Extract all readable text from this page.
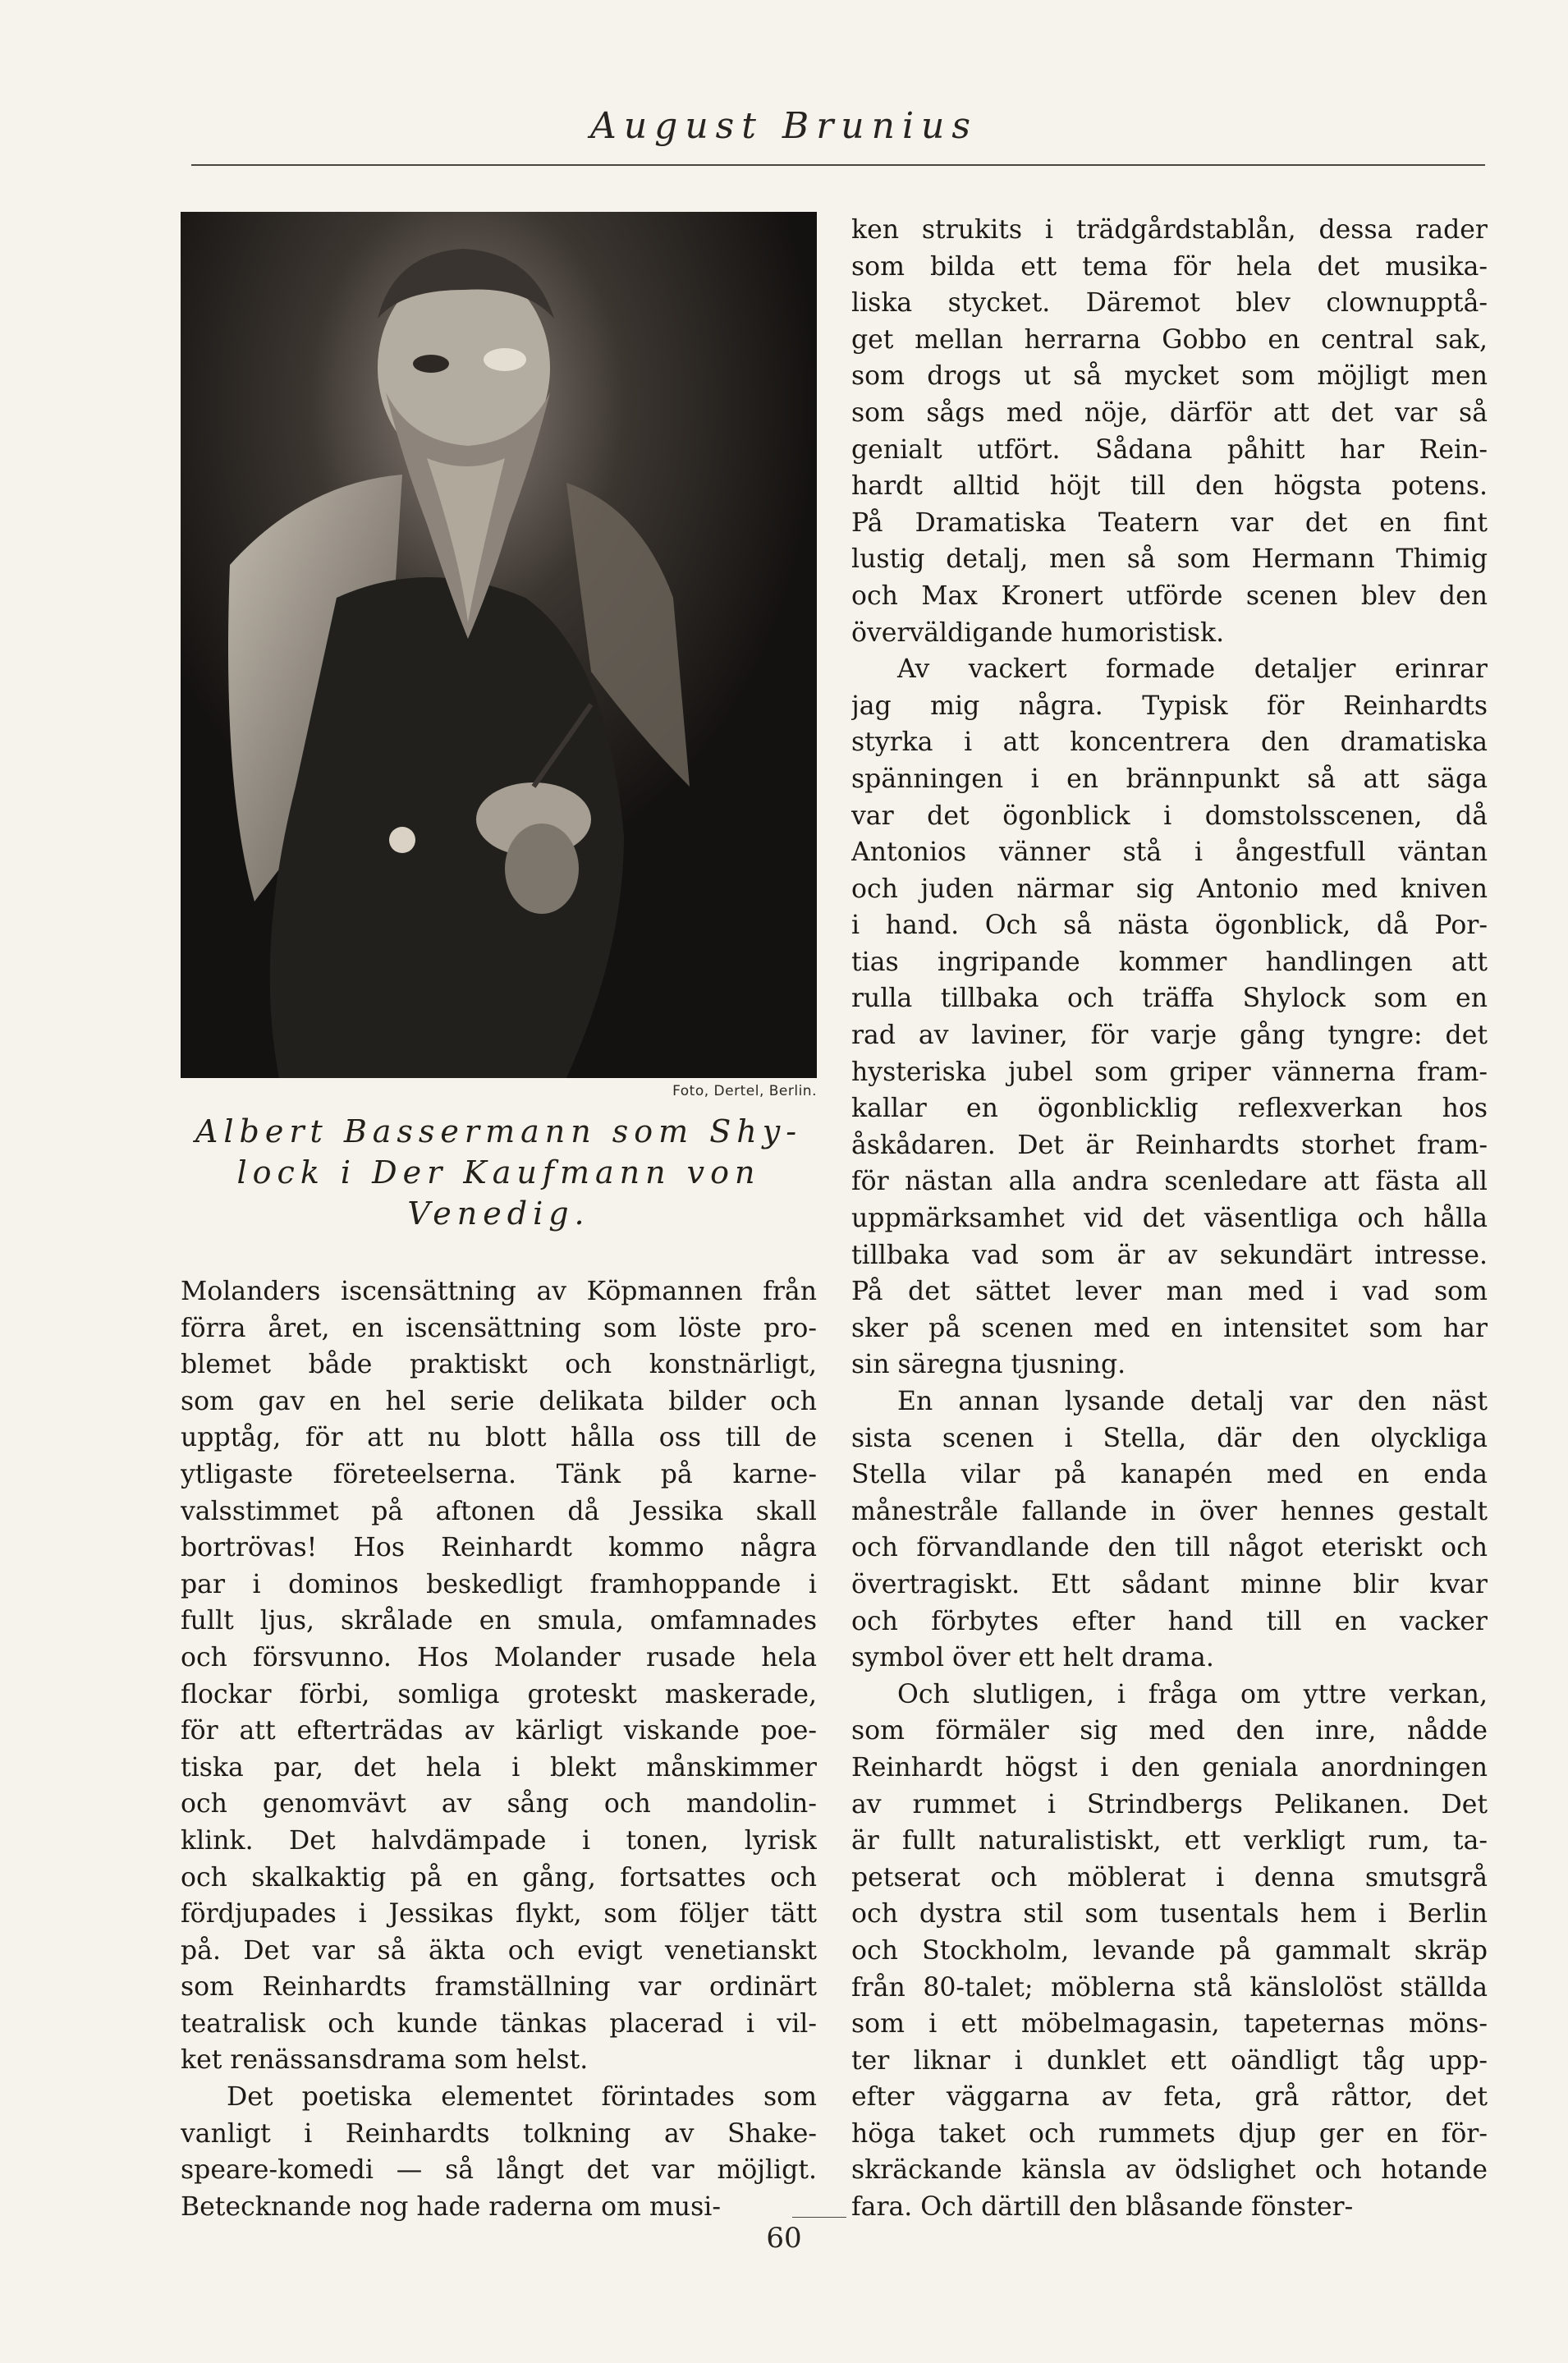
August Brunius
Foto, Dertel, Berlin.
Albert Bassermann som Shy-
lock i Der Kaufmann von
Venedig.
Molanders iscensättning av Köpmannen från
förra året, en iscensättning som löste pro-
blemet både praktiskt och konstnärligt,
som gav en hel serie delikata bilder och
upptåg, för att nu blott hålla oss till de
ytligaste företeelserna. Tänk på karne-
valsstimmet på aftonen då Jessika skall
bortrövas! Hos Reinhardt kommo några
par i dominos beskedligt framhoppande i
fullt ljus, skrålade en smula, omfamnades
och försvunno. Hos Molander rusade hela
flockar förbi, somliga groteskt maskerade,
för att efterträdas av kärligt viskande poe-
tiska par, det hela i blekt månskimmer
och genomvävt av sång och mandolin-
klink. Det halvdämpade i tonen, lyrisk
och skalkaktig på en gång, fortsattes och
fördjupades i Jessikas flykt, som följer tätt
på. Det var så äkta och evigt venetianskt
som Reinhardts framställning var ordinärt
teatralisk och kunde tänkas placerad i vil-
ket renässansdrama som helst.
Det poetiska elementet förintades som
vanligt i Reinhardts tolkning av Shake-
speare-komedi — så långt det var möjligt.
Betecknande nog hade raderna om musi-
ken strukits i trädgårdstablån, dessa rader
som bilda ett tema för hela det musika-
liska stycket. Däremot blev clownupptå-
get mellan herrarna Gobbo en central sak,
som drogs ut så mycket som möjligt men
som sågs med nöje, därför att det var så
genialt utfört. Sådana påhitt har Rein-
hardt alltid höjt till den högsta potens.
På Dramatiska Teatern var det en fint
lustig detalj, men så som Hermann Thimig
och Max Kronert utförde scenen blev den
överväldigande humoristisk.
Av vackert formade detaljer erinrar
jag mig några. Typisk för Reinhardts
styrka i att koncentrera den dramatiska
spänningen i en brännpunkt så att säga
var det ögonblick i domstolsscenen, då
Antonios vänner stå i ångestfull väntan
och juden närmar sig Antonio med kniven
i hand. Och så nästa ögonblick, då Por-
tias ingripande kommer handlingen att
rulla tillbaka och träffa Shylock som en
rad av laviner, för varje gång tyngre: det
hysteriska jubel som griper vännerna fram-
kallar en ögonblicklig reflexverkan hos
åskådaren. Det är Reinhardts storhet fram-
för nästan alla andra scenledare att fästa all
uppmärksamhet vid det väsentliga och hålla
tillbaka vad som är av sekundärt intresse.
På det sättet lever man med i vad som
sker på scenen med en intensitet som har
sin säregna tjusning.
En annan lysande detalj var den näst
sista scenen i Stella, där den olyckliga
Stella vilar på kanapén med en enda
månestråle fallande in över hennes gestalt
och förvandlande den till något eteriskt och
övertragiskt. Ett sådant minne blir kvar
och förbytes efter hand till en vacker
symbol över ett helt drama.
Och slutligen, i fråga om yttre verkan,
som förmäler sig med den inre, nådde
Reinhardt högst i den geniala anordningen
av rummet i Strindbergs Pelikanen. Det
är fullt naturalistiskt, ett verkligt rum, ta-
petserat och möblerat i denna smutsgrå
och dystra stil som tusentals hem i Berlin
och Stockholm, levande på gammalt skräp
från 80-talet; möblerna stå känslolöst ställda
som i ett möbelmagasin, tapeternas möns-
ter liknar i dunklet ett oändligt tåg upp-
efter väggarna av feta, grå råttor, det
höga taket och rummets djup ger en för-
skräckande känsla av ödslighet och hotande
fara. Och därtill den blåsande fönster-
60
